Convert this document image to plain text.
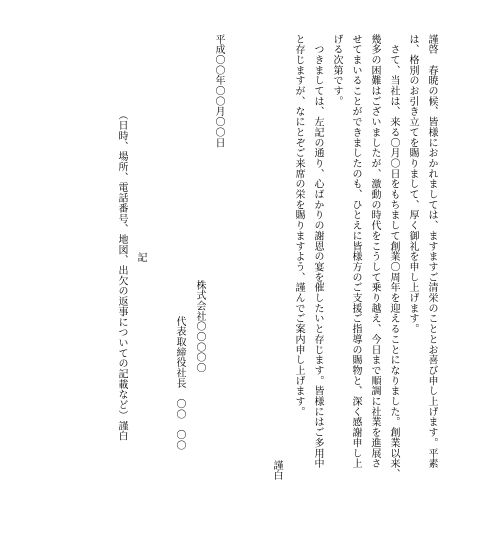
謹啓　春暁の候、皆様におかれましては、ますますご清栄のこととお喜び申し上げます。平素
は、格別のお引き立てを賜りまして、厚く御礼を申し上げます。
　さて、当社は、来る〇月〇日をもちまして創業〇周年を迎えることになりました。創業以来、
幾多の困難はございましたが、激動の時代をこうして乗り越え、今日まで順調に社業を進展さ
せてまいることができましたのも、ひとえに皆様方のご支援ご指導の賜物と、深く感謝申し上
げる次第です。
　つきましては、左記の通り、心ばかりの謝恩の宴を催したいと存じます。皆様にはご多用中
と存じますが、なにとぞご来席の栄を賜りますよう、謹んでご案内申し上げます。
謹白
平成〇〇年〇〇月〇〇日
株式会社〇〇〇〇〇
代表取締役社長　〇〇　〇〇
記
（日時、場所、電話番号、地図、出欠の返事についての記載など）謹白
